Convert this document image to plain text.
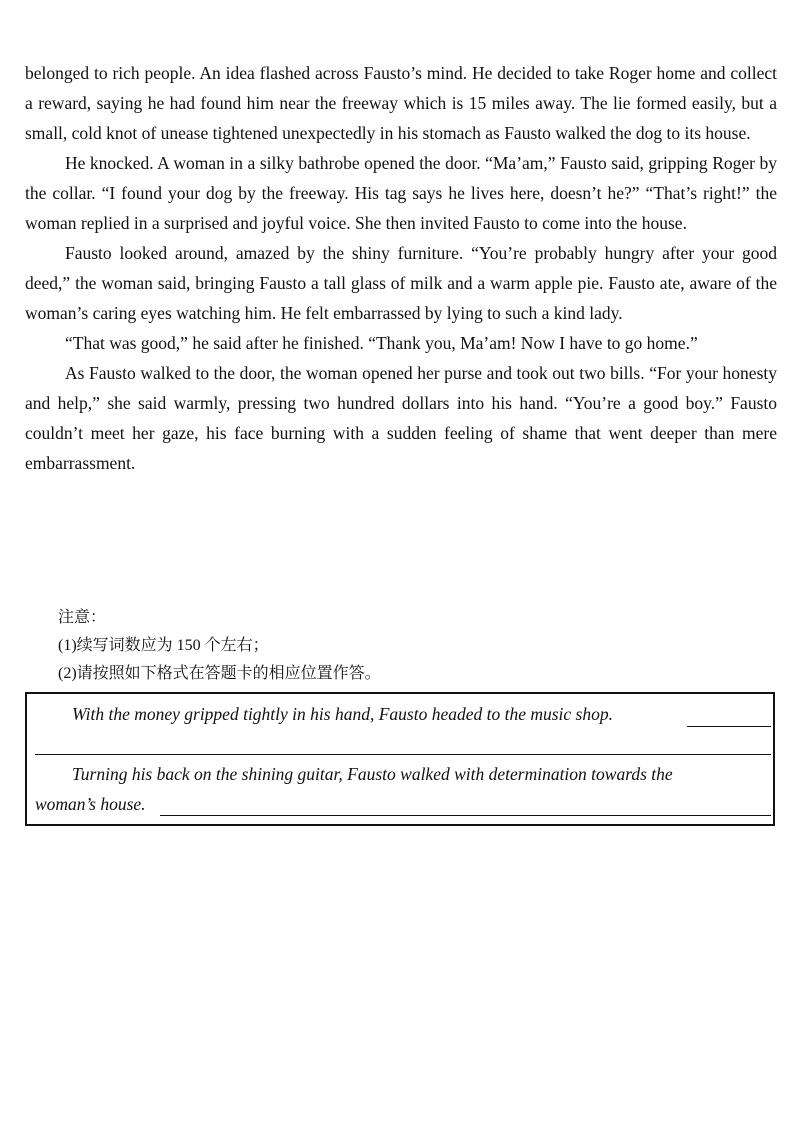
belonged to rich people. An idea flashed across Fausto’s mind. He decided to take Roger home and collect a reward, saying he had found him near the freeway which is 15 miles away. The lie formed easily, but a small, cold knot of unease tightened unexpectedly in his stomach as Fausto walked the dog to its house.

He knocked. A woman in a silky bathrobe opened the door. “Ma’am,” Fausto said, gripping Roger by the collar. “I found your dog by the freeway. His tag says he lives here, doesn’t he?” “That’s right!” the woman replied in a surprised and joyful voice. She then invited Fausto to come into the house.

Fausto looked around, amazed by the shiny furniture. “You’re probably hungry after your good deed,” the woman said, bringing Fausto a tall glass of milk and a warm apple pie. Fausto ate, aware of the woman’s caring eyes watching him. He felt embarrassed by lying to such a kind lady.

“That was good,” he said after he finished. “Thank you, Ma’am! Now I have to go home.”

As Fausto walked to the door, the woman opened her purse and took out two bills. “For your honesty and help,” she said warmly, pressing two hundred dollars into his hand. “You’re a good boy.” Fausto couldn’t meet her gaze, his face burning with a sudden feeling of shame that went deeper than mere embarrassment.

注意：
(1)续写词数应为 150 个左右；
(2)请按照如下格式在答题卡的相应位置作答。
With the money gripped tightly in his hand, Fausto headed to the music shop.
Turning his back on the shining guitar, Fausto walked with determination towards the
woman’s house.
